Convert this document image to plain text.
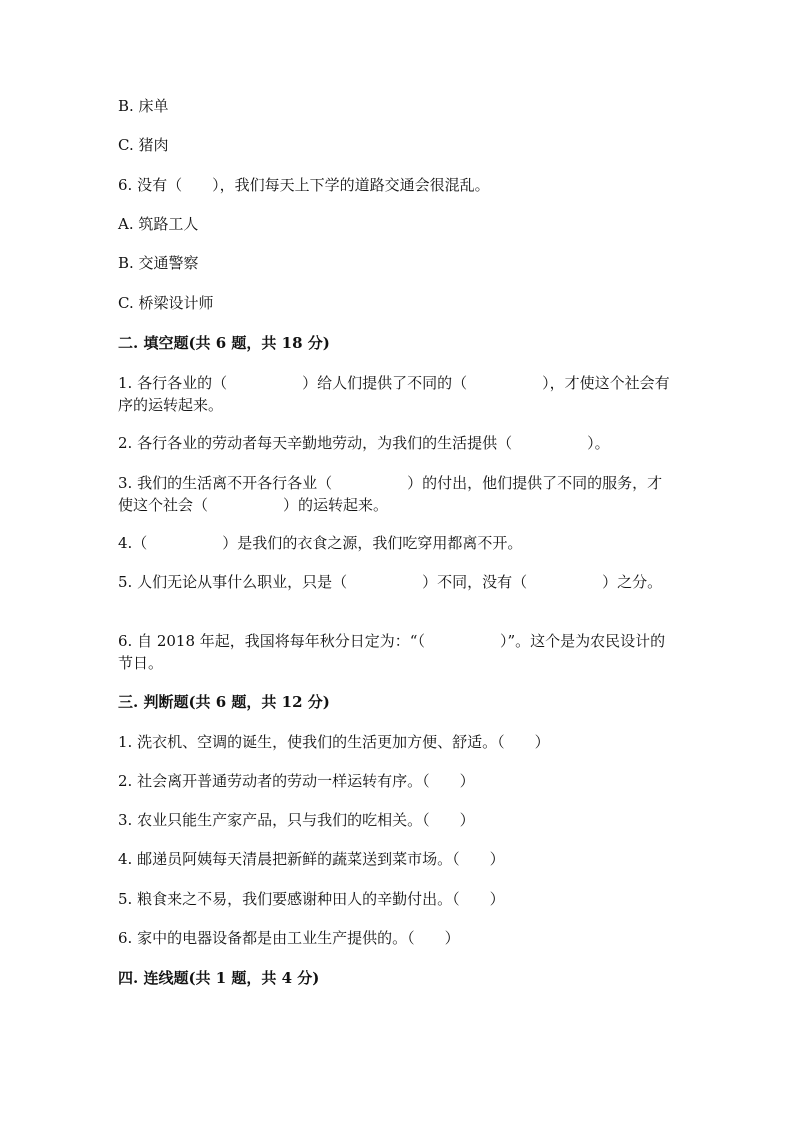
B. 床单
C. 猪肉
6. 没有（　　），我们每天上下学的道路交通会很混乱。
A. 筑路工人
B. 交通警察
C. 桥梁设计师
二. 填空题(共 6 题，共 18 分)
1. 各行各业的（　　　　　）给人们提供了不同的（　　　　　），才使这个社会有序的运转起来。
2. 各行各业的劳动者每天辛勤地劳动，为我们的生活提供（　　　　　）。
3. 我们的生活离不开各行各业（　　　　　）的付出，他们提供了不同的服务，才使这个社会（　　　　　）的运转起来。
4.（　　　　　）是我们的衣食之源，我们吃穿用都离不开。
5. 人们无论从事什么职业，只是（　　　　　）不同，没有（　　　　　）之分。
6. 自 2018 年起，我国将每年秋分日定为：“（　　　　　）”。这个是为农民设计的节日。
三. 判断题(共 6 题，共 12 分)
1. 洗衣机、空调的诞生，使我们的生活更加方便、舒适。（　　）
2. 社会离开普通劳动者的劳动一样运转有序。（　　）
3. 农业只能生产家产品，只与我们的吃相关。（　　）
4. 邮递员阿姨每天清晨把新鲜的蔬菜送到菜市场。（　　）
5. 粮食来之不易，我们要感谢种田人的辛勤付出。（　　）
6. 家中的电器设备都是由工业生产提供的。（　　）
四. 连线题(共 1 题，共 4 分)
